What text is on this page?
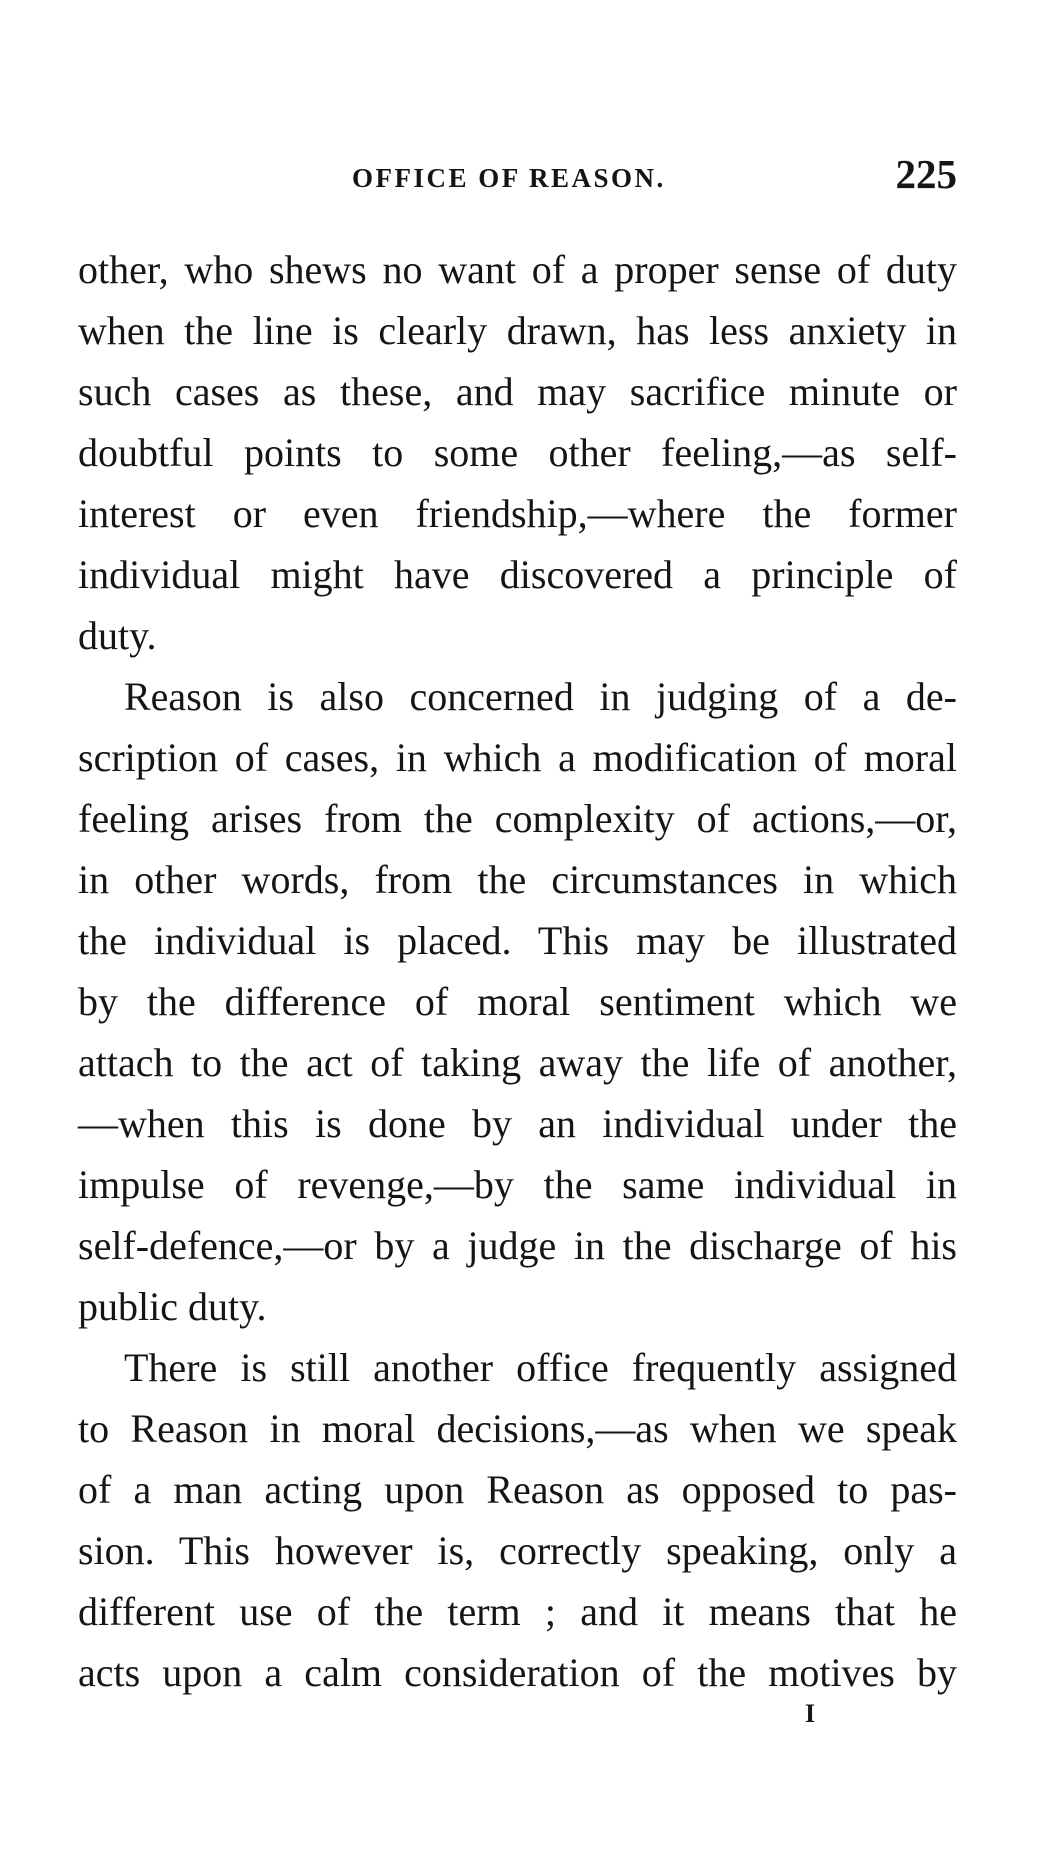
OFFICE OF REASON.	225
other, who shews no want of a proper sense of duty
when the line is clearly drawn, has less anxiety in
such cases as these, and may sacrifice minute or
doubtful points to some other feeling,—as self-
interest or even friendship,—where the former
individual might have discovered a principle of
duty.
Reason is also concerned in judging of a de-
scription of cases, in which a modification of moral
feeling arises from the complexity of actions,—or,
in other words, from the circumstances in which
the individual is placed. This may be illustrated
by the difference of moral sentiment which we
attach to the act of taking away the life of another,
—when this is done by an individual under the
impulse of revenge,—by the same individual in
self-defence,—or by a judge in the discharge of his
public duty.
There is still another office frequently assigned
to Reason in moral decisions,—as when we speak
of a man acting upon Reason as opposed to pas-
sion. This however is, correctly speaking, only a
different use of the term ; and it means that he
acts upon a calm consideration of the motives by
I
